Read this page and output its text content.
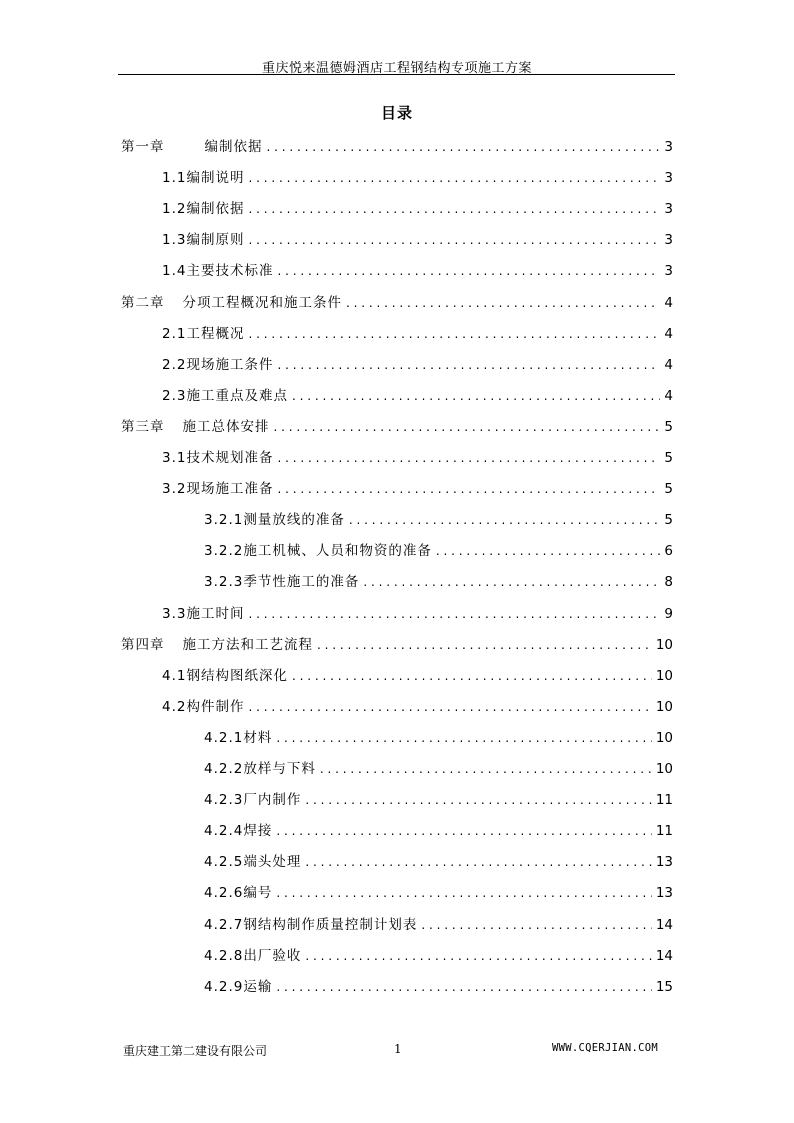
重庆悦来温德姆酒店工程钢结构专项施工方案
目录
第一章	编制依据 . . .	3
1.1编制说明 . . .	3
1.2编制依据 . . .	3
1.3编制原则 . . .	3
1.4主要技术标准 . . .	3
第二章 分项工程概况和施工条件 . . .	4
2.1工程概况 . . .	4
2.2现场施工条件 . . .	4
2.3施工重点及难点 . . .	4
第三章 施工总体安排 . . .	5
3.1技术规划准备 . . .	5
3.2现场施工准备 . . .	5
3.2.1测量放线的准备 . . .	5
3.2.2施工机械、人员和物资的准备 . . .	6
3.2.3季节性施工的准备 . . .	8
3.3施工时间 . . .	9
第四章 施工方法和工艺流程 . . .	10
4.1钢结构图纸深化 . . .	10
4.2构件制作 . . .	10
4.2.1材料 . . .	10
4.2.2放样与下料 . . .	10
4.2.3厂内制作 . . .	11
4.2.4焊接 . . .	11
4.2.5端头处理 . . .	13
4.2.6编号 . . .	13
4.2.7钢结构制作质量控制计划表 . . .	14
4.2.8出厂验收 . . .	14
4.2.9运输 . . .	15
重庆建工第二建设有限公司	1	WWW.CQERJIAN.COM
